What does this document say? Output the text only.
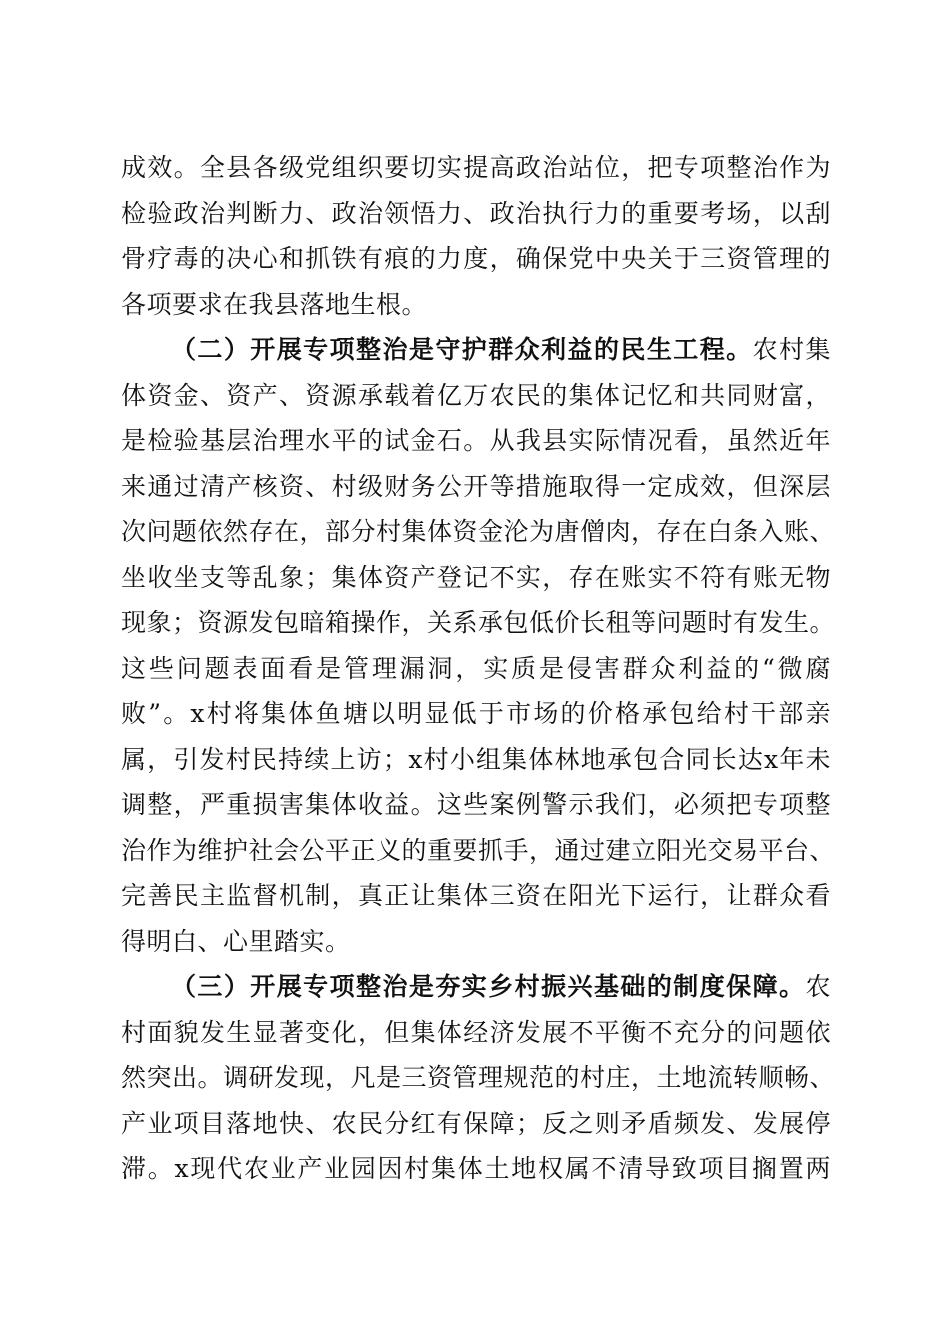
成效。全县各级党组织要切实提高政治站位，把专项整治作为
检验政治判断力、政治领悟力、政治执行力的重要考场，以刮
骨疗毒的决心和抓铁有痕的力度，确保党中央关于三资管理的
各项要求在我县落地生根。
（二）开展专项整治是守护群众利益的民生工程。农村集
体资金、资产、资源承载着亿万农民的集体记忆和共同财富，
是检验基层治理水平的试金石。从我县实际情况看，虽然近年
来通过清产核资、村级财务公开等措施取得一定成效，但深层
次问题依然存在，部分村集体资金沦为唐僧肉，存在白条入账、
坐收坐支等乱象；集体资产登记不实，存在账实不符有账无物
现象；资源发包暗箱操作，关系承包低价长租等问题时有发生。
这些问题表面看是管理漏洞，实质是侵害群众利益的“微腐
败”。x村将集体鱼塘以明显低于市场的价格承包给村干部亲
属，引发村民持续上访；x村小组集体林地承包合同长达x年未
调整，严重损害集体收益。这些案例警示我们，必须把专项整
治作为维护社会公平正义的重要抓手，通过建立阳光交易平台、
完善民主监督机制，真正让集体三资在阳光下运行，让群众看
得明白、心里踏实。
（三）开展专项整治是夯实乡村振兴基础的制度保障。农
村面貌发生显著变化，但集体经济发展不平衡不充分的问题依
然突出。调研发现，凡是三资管理规范的村庄，土地流转顺畅、
产业项目落地快、农民分红有保障；反之则矛盾频发、发展停
滞。x现代农业产业园因村集体土地权属不清导致项目搁置两
